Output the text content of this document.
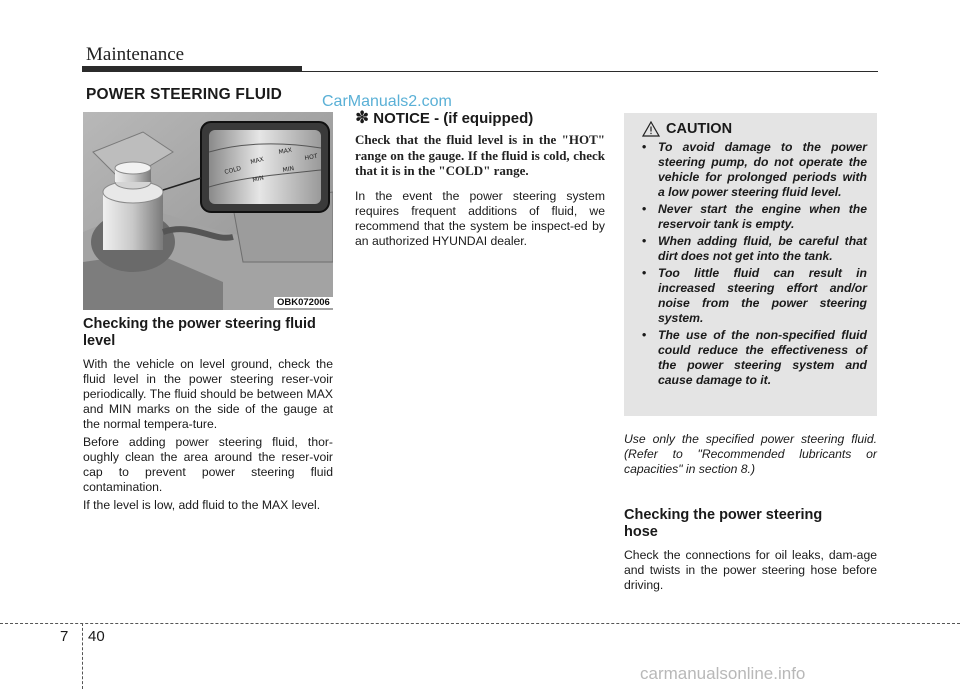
Maintenance
POWER STEERING FLUID CarManuals2.com
COLD
MAX
MIN
MAX
HOT
MIN
OBK072006
Checking the power steering fluid level

With the vehicle on level ground, check the fluid level in the power steering reser-voir periodically. The fluid should be between MAX and MIN marks on the side of the gauge at the normal tempera-ture.

Before adding power steering fluid, thor-oughly clean the area around the reser-voir cap to prevent power steering fluid contamination.

If the level is low, add fluid to the MAX level.

✽ NOTICE - (if equipped)

Check that the fluid level is in the "HOT" range on the gauge. If the fluid is cold, check that it is in the "COLD" range.

In the event the power steering system requires frequent additions of fluid, we recommend that the system be inspect-ed by an authorized HYUNDAI dealer.

CAUTION
• To avoid damage to the power steering pump, do not operate the vehicle for prolonged periods with a low power steering fluid level.
• Never start the engine when the reservoir tank is empty.
• When adding fluid, be careful that dirt does not get into the tank.
• Too little fluid can result in increased steering effort and/or noise from the power steering system.
• The use of the non-specified fluid could reduce the effectiveness of the power steering system and cause damage to it.

Use only the specified power steering fluid. (Refer to "Recommended lubricants or capacities" in section 8.)

Checking the power steering hose

Check the connections for oil leaks, dam-age and twists in the power steering hose before driving.

7 40
carmanualsonline.info
